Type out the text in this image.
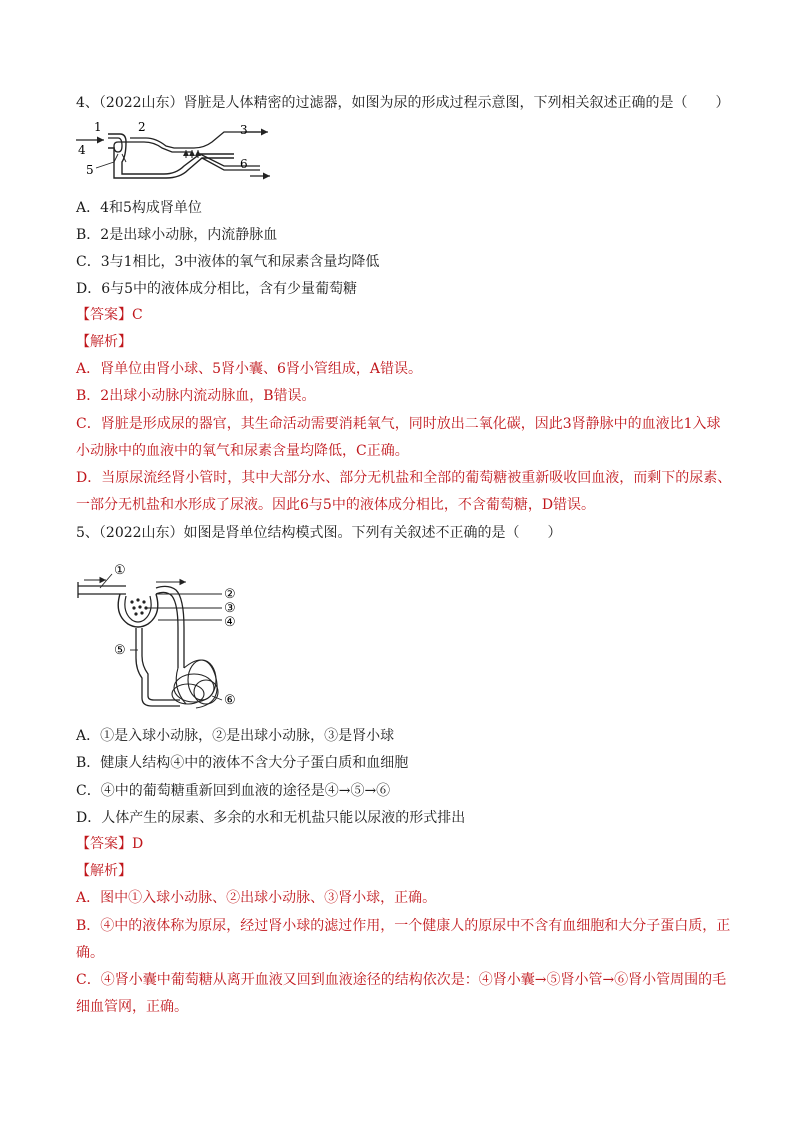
4、（2022山东）肾脏是人体精密的过滤器，如图为尿的形成过程示意图，下列相关叙述正确的是（　　）
1	2	3
4
5	6
A．4和5构成肾单位
B．2是出球小动脉，内流静脉血
C．3与1相比，3中液体的氧气和尿素含量均降低
D．6与5中的液体成分相比，含有少量葡萄糖
【答案】C
【解析】
A．肾单位由肾小球、5肾小囊、6肾小管组成，A错误。
B．2出球小动脉内流动脉血，B错误。
C．肾脏是形成尿的器官，其生命活动需要消耗氧气，同时放出二氧化碳，因此3肾静脉中的血液比1入球
小动脉中的血液中的氧气和尿素含量均降低，C正确。
D．当原尿流经肾小管时，其中大部分水、部分无机盐和全部的葡萄糖被重新吸收回血液，而剩下的尿素、
一部分无机盐和水形成了尿液。因此6与5中的液体成分相比，不含葡萄糖，D错误。
5、（2022山东）如图是肾单位结构模式图。下列有关叙述不正确的是（　　）
①
②
③
④
⑤
⑥
A．①是入球小动脉，②是出球小动脉，③是肾小球
B．健康人结构④中的液体不含大分子蛋白质和血细胞
C．④中的葡萄糖重新回到血液的途径是④→⑤→⑥
D．人体产生的尿素、多余的水和无机盐只能以尿液的形式排出
【答案】D
【解析】
A．图中①入球小动脉、②出球小动脉、③肾小球，正确。
B．④中的液体称为原尿，经过肾小球的滤过作用，一个健康人的原尿中不含有血细胞和大分子蛋白质，正
确。
C．④肾小囊中葡萄糖从离开血液又回到血液途径的结构依次是：④肾小囊→⑤肾小管→⑥肾小管周围的毛
细血管网，正确。
